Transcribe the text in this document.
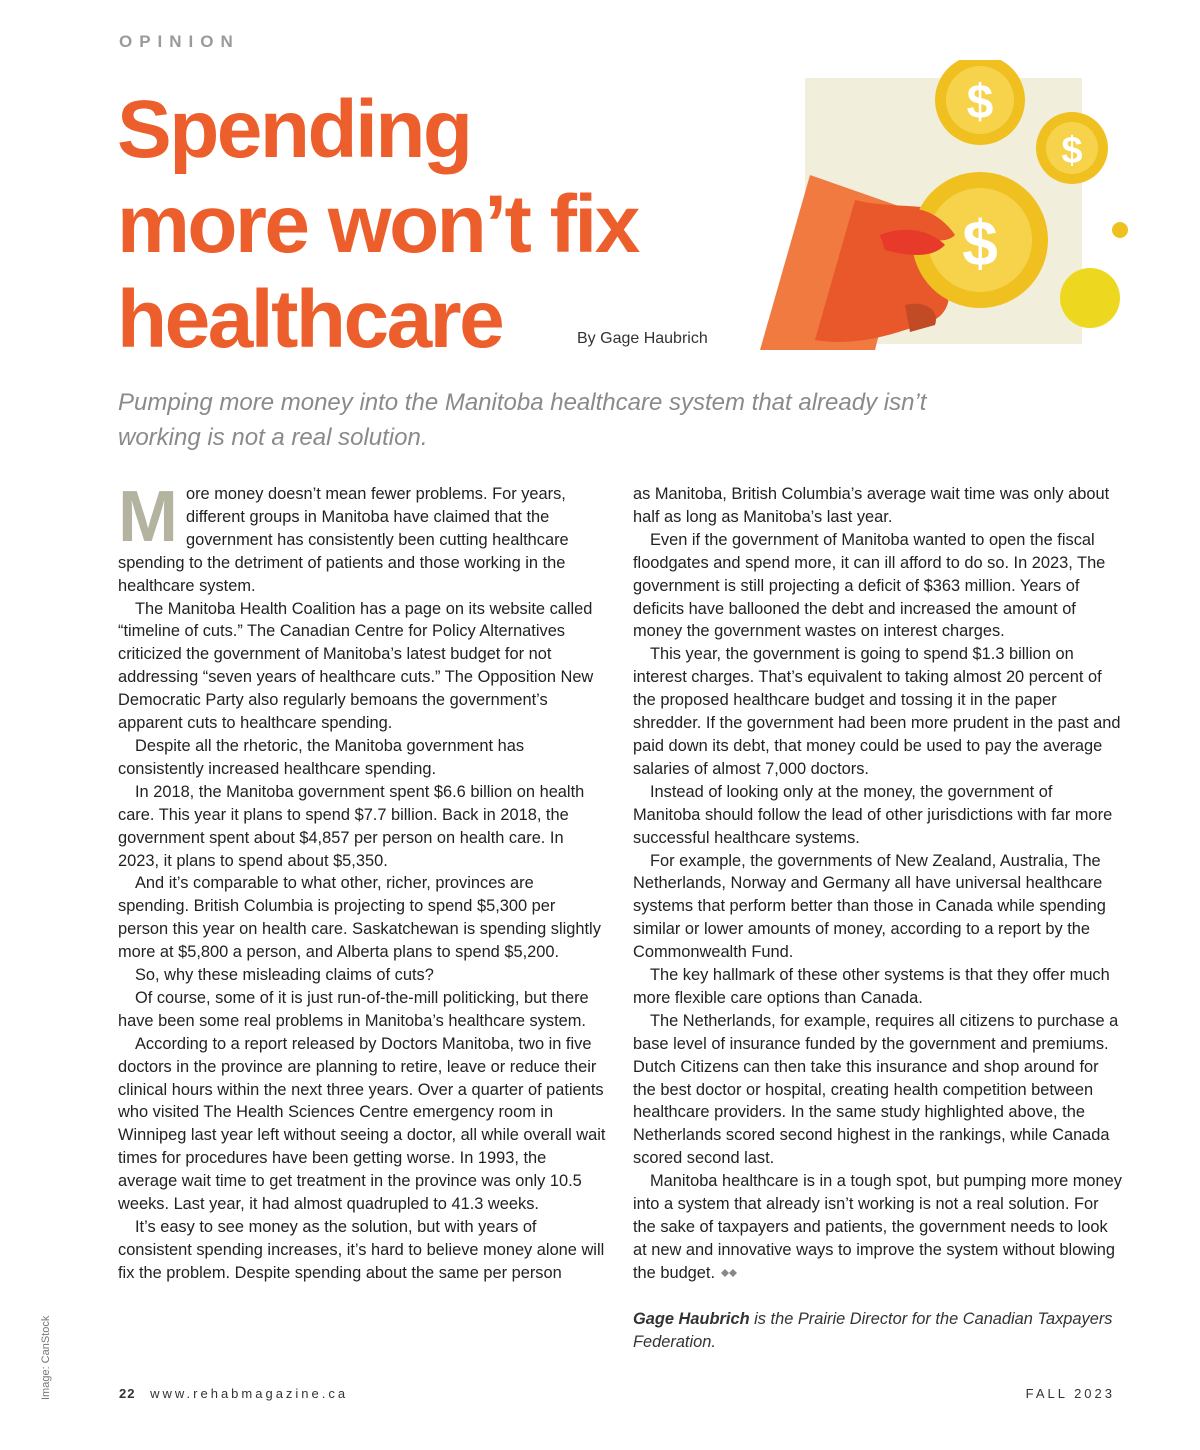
OPINION
Spending
more won’t fix
healthcare	By Gage Haubrich
$
$
$

Pumping more money into the Manitoba healthcare system that already isn’t working is not a real solution.

More money doesn’t mean fewer problems. For years, different groups in Manitoba have claimed that the government has consistently been cutting healthcare spending to the detriment of patients and those working in the healthcare system.

The Manitoba Health Coalition has a page on its website called “timeline of cuts.” The Canadian Centre for Policy Alternatives criticized the government of Manitoba’s latest budget for not addressing “seven years of healthcare cuts.” The Opposition New Democratic Party also regularly bemoans the government’s apparent cuts to healthcare spending.

Despite all the rhetoric, the Manitoba government has consistently increased healthcare spending.

In 2018, the Manitoba government spent $6.6 billion on health care. This year it plans to spend $7.7 billion. Back in 2018, the government spent about $4,857 per person on health care. In 2023, it plans to spend about $5,350.

And it’s comparable to what other, richer, provinces are spending. British Columbia is projecting to spend $5,300 per person this year on health care. Saskatchewan is spending slightly more at $5,800 a person, and Alberta plans to spend $5,200.

So, why these misleading claims of cuts?

Of course, some of it is just run-of-the-mill politicking, but there have been some real problems in Manitoba’s healthcare system.

According to a report released by Doctors Manitoba, two in five doctors in the province are planning to retire, leave or reduce their clinical hours within the next three years. Over a quarter of patients who visited The Health Sciences Centre emergency room in Winnipeg last year left without seeing a doctor, all while overall wait times for procedures have been getting worse. In 1993, the average wait time to get treatment in the province was only 10.5 weeks. Last year, it had almost quadrupled to 41.3 weeks.

It’s easy to see money as the solution, but with years of consistent spending increases, it’s hard to believe money alone will fix the problem. Despite spending about the same per person

as Manitoba, British Columbia’s average wait time was only about half as long as Manitoba’s last year.

Even if the government of Manitoba wanted to open the fiscal floodgates and spend more, it can ill afford to do so. In 2023, The government is still projecting a deficit of $363 million. Years of deficits have ballooned the debt and increased the amount of money the government wastes on interest charges.

This year, the government is going to spend $1.3 billion on interest charges. That’s equivalent to taking almost 20 percent of the proposed healthcare budget and tossing it in the paper shredder. If the government had been more prudent in the past and paid down its debt, that money could be used to pay the average salaries of almost 7,000 doctors.

Instead of looking only at the money, the government of Manitoba should follow the lead of other jurisdictions with far more successful healthcare systems.

For example, the governments of New Zealand, Australia, The Netherlands, Norway and Germany all have universal healthcare systems that perform better than those in Canada while spending similar or lower amounts of money, according to a report by the Commonwealth Fund.

The key hallmark of these other systems is that they offer much more flexible care options than Canada.

The Netherlands, for example, requires all citizens to purchase a base level of insurance funded by the government and premiums. Dutch Citizens can then take this insurance and shop around for the best doctor or hospital, creating health competition between healthcare providers. In the same study highlighted above, the Netherlands scored second highest in the rankings, while Canada scored second last.

Manitoba healthcare is in a tough spot, but pumping more money into a system that already isn’t working is not a real solution. For the sake of taxpayers and patients, the government needs to look at new and innovative ways to improve the system without blowing the budget.

Gage Haubrich is the Prairie Director for the Canadian Taxpayers Federation.
Image: CanStock	22 www.rehabmagazine.ca	FALL 2023
